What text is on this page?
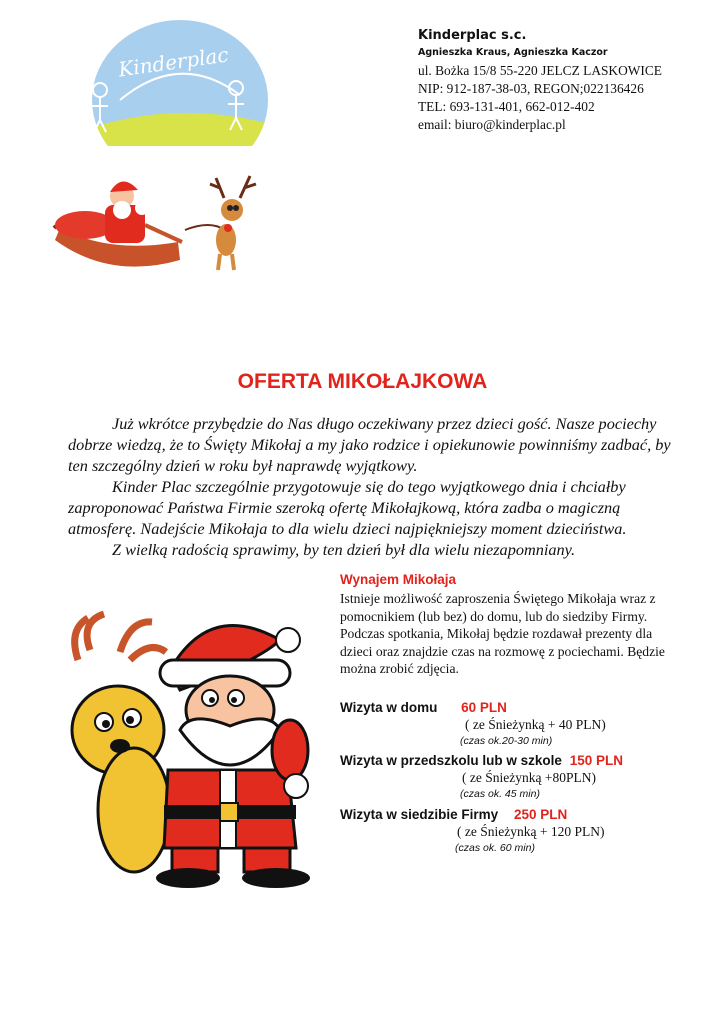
Kinderplac
Kinderplac s.c.
Agnieszka Kraus, Agnieszka Kaczor
ul. Bożka 15/8 55-220 JELCZ LASKOWICE
NIP: 912-187-38-03, REGON;022136426
TEL: 693-131-401, 662-012-402
email: biuro@kinderplac.pl
OFERTA MIKOŁAJKOWA

Już wkrótce przybędzie do Nas długo oczekiwany przez dzieci gość. Nasze pociechy dobrze wiedzą, że to Święty Mikołaj a my jako rodzice i opiekunowie powinniśmy zadbać, by ten szczególny dzień w roku był naprawdę wyjątkowy.

Kinder Plac szczególnie przygotowuje się do tego wyjątkowego dnia i chciałby zaproponować Państwa Firmie szeroką ofertę Mikołajkową, która zadba o magiczną atmosferę. Nadejście Mikołaja to dla wielu dzieci najpiękniejszy moment dzieciństwa.

Z wielką radością sprawimy, by ten dzień był dla wielu niezapomniany.

Wynajem Mikołaja
Istnieje możliwość zaproszenia Świętego Mikołaja wraz z pomocnikiem (lub bez) do domu, lub do siedziby Firmy. Podczas spotkania, Mikołaj będzie rozdawał prezenty dla dzieci oraz znajdzie czas na rozmowę z pociechami. Będzie można zrobić zdjęcia.
Wizyta w domu 60 PLN
( ze Śnieżynką + 40 PLN)
(czas ok.20-30 min)
Wizyta w przedszkolu lub w szkole 150 PLN
( ze Śnieżynką +80PLN)
(czas ok. 45 min)
Wizyta w siedzibie Firmy 250 PLN
( ze Śnieżynką + 120 PLN)
(czas ok. 60 min)
